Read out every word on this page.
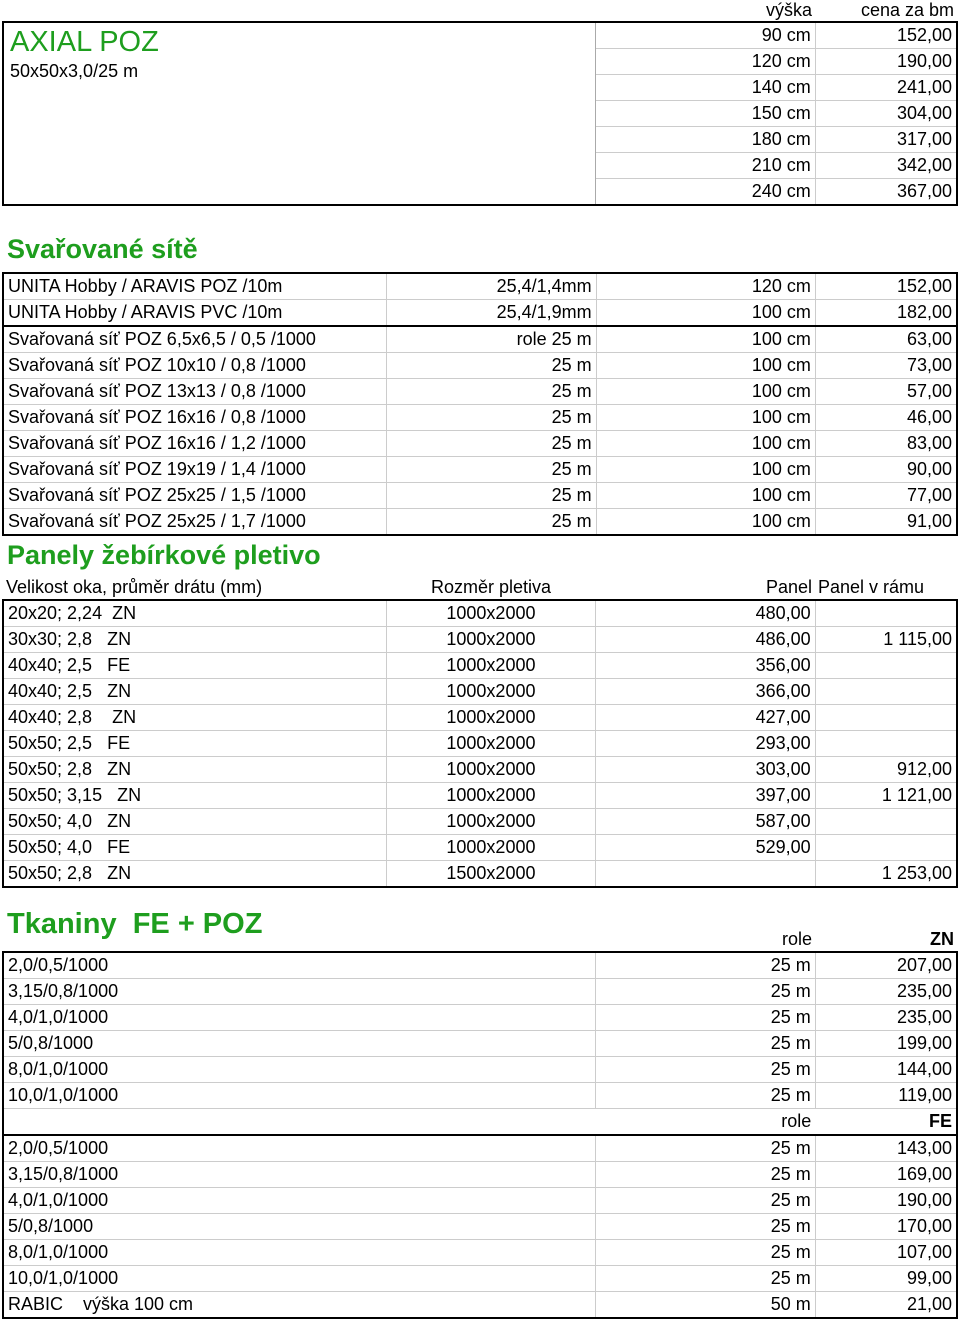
	výška	cena za bm
AXIAL POZ
50x50x3,0/25 m	90 cm	152,00
	120 cm	190,00
	140 cm	241,00
	150 cm	304,00
	180 cm	317,00
	210 cm	342,00
	240 cm	367,00
Svařované sítě
UNITA Hobby / ARAVIS POZ /10m	25,4/1,4mm	120 cm	152,00
UNITA Hobby / ARAVIS PVC /10m	25,4/1,9mm	100 cm	182,00
Svařovaná síť POZ 6,5x6,5 / 0,5 /1000	role 25 m	100 cm	63,00
Svařovaná síť POZ 10x10 / 0,8 /1000	25 m	100 cm	73,00
Svařovaná síť POZ 13x13 / 0,8 /1000	25 m	100 cm	57,00
Svařovaná síť POZ 16x16 / 0,8 /1000	25 m	100 cm	46,00
Svařovaná síť POZ 16x16 / 1,2 /1000	25 m	100 cm	83,00
Svařovaná síť POZ 19x19 / 1,4 /1000	25 m	100 cm	90,00
Svařovaná síť POZ 25x25 / 1,5 /1000	25 m	100 cm	77,00
Svařovaná síť POZ 25x25 / 1,7 /1000	25 m	100 cm	91,00
Panely žebírkové pletivo
Velikost oka, průměr drátu (mm)	Rozměr pletiva	Panel	Panel v rámu
20x20; 2,24  ZN	1000x2000	480,00	
30x30; 2,8   ZN	1000x2000	486,00	1 115,00
40x40; 2,5   FE	1000x2000	356,00	
40x40; 2,5   ZN	1000x2000	366,00	
40x40; 2,8    ZN	1000x2000	427,00	
50x50; 2,5   FE	1000x2000	293,00	
50x50; 2,8   ZN	1000x2000	303,00	912,00
50x50; 3,15   ZN	1000x2000	397,00	1 121,00
50x50; 4,0   ZN	1000x2000	587,00	
50x50; 4,0   FE	1000x2000	529,00	
50x50; 2,8   ZN	1500x2000		1 253,00
Tkaniny  FE + POZ
		role	ZN
2,0/0,5/1000	25 m	207,00
3,15/0,8/1000	25 m	235,00
4,0/1,0/1000	25 m	235,00
5/0,8/1000	25 m	199,00
8,0/1,0/1000	25 m	144,00
10,0/1,0/1000	25 m	119,00
	role	FE
2,0/0,5/1000	25 m	143,00
3,15/0,8/1000	25 m	169,00
4,0/1,0/1000	25 m	190,00
5/0,8/1000	25 m	170,00
8,0/1,0/1000	25 m	107,00
10,0/1,0/1000	25 m	99,00
RABIC    výška 100 cm	50 m	21,00
